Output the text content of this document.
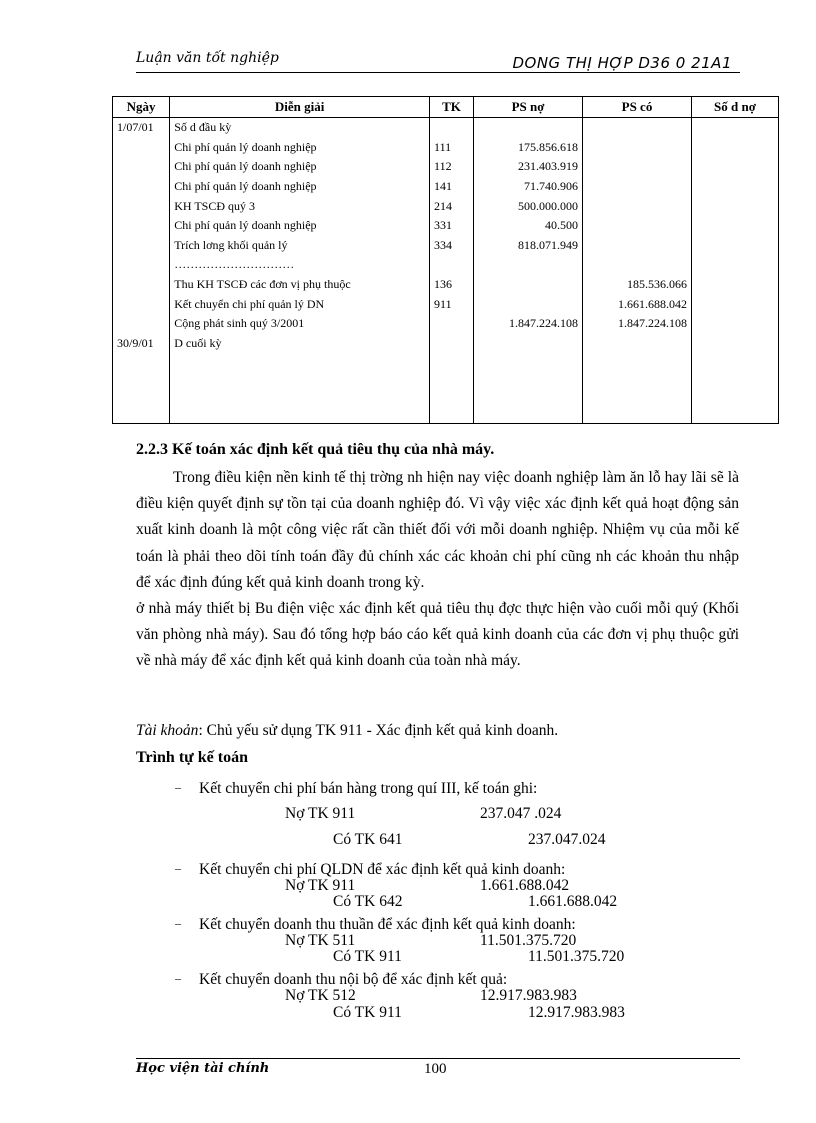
Luận văn tốt nghiệp	DONG THỊ HỢP D36 0 21A1
Ngày	Diễn giải	TK	PS nợ	PS có	Số d nợ
1/07/01	Số d đầu kỳ				
	Chi phí quản lý doanh nghiệp	111	175.856.618		
	Chi phí quản lý doanh nghiệp	112	231.403.919		
	Chi phí quản lý doanh nghiệp	141	71.740.906		
	KH TSCĐ quý 3	214	500.000.000		
	Chi phí quản lý doanh nghiệp	331	40.500		
	Trích lơng khối quản lý	334	818.071.949		
	…………………………				
	Thu KH TSCĐ các đơn vị phụ thuộc	136		185.536.066	
	Kết chuyển chi phí quản lý DN	911		1.661.688.042	
	Cộng phát sinh quý 3/2001		1.847.224.108	1.847.224.108	
30/9/01	D cuối kỳ				

2.2.3 Kế toán xác định kết quả tiêu thụ của nhà máy.

Trong điều kiện nền kinh tế thị trờng nh hiện nay việc doanh nghiệp làm ăn lỗ hay lãi sẽ là điều kiện quyết định sự tồn tại của doanh nghiệp đó. Vì vậy việc xác định kết quả hoạt động sản xuất kinh doanh là một công việc rất cần thiết đối với mỗi doanh nghiệp. Nhiệm vụ của mỗi kế toán là phải theo dõi tính toán đầy đủ chính xác các khoản chi phí cũng nh các khoản thu nhập để xác định đúng kết quả kinh doanh trong kỳ.

ở nhà máy thiết bị Bu điện việc xác định kết quả tiêu thụ đợc thực hiện vào cuối mỗi quý (Khối văn phòng nhà máy). Sau đó tổng hợp báo cáo kết quả kinh doanh của các đơn vị phụ thuộc gửi về nhà máy để xác định kết quả kinh doanh của toàn nhà máy.

Tài khoản: Chủ yếu sử dụng TK 911 - Xác định kết quả kinh doanh.
Trình tự kế toán
– Kết chuyển chi phí bán hàng trong quí III, kế toán ghi:
Nợ TK 911	237.047 .024
Có TK 641	237.047.024
– Kết chuyển chi phí QLDN để xác định kết quả kinh doanh:
Nợ TK 911	1.661.688.042
Có TK 642	1.661.688.042
– Kết chuyển doanh thu thuần để xác định kết quả kinh doanh:
Nợ TK 511	11.501.375.720
Có TK 911	11.501.375.720
– Kết chuyển doanh thu nội bộ để xác định kết quả:
Nợ TK 512	12.917.983.983
Có TK 911	12.917.983.983
Học viện tài chính	100
